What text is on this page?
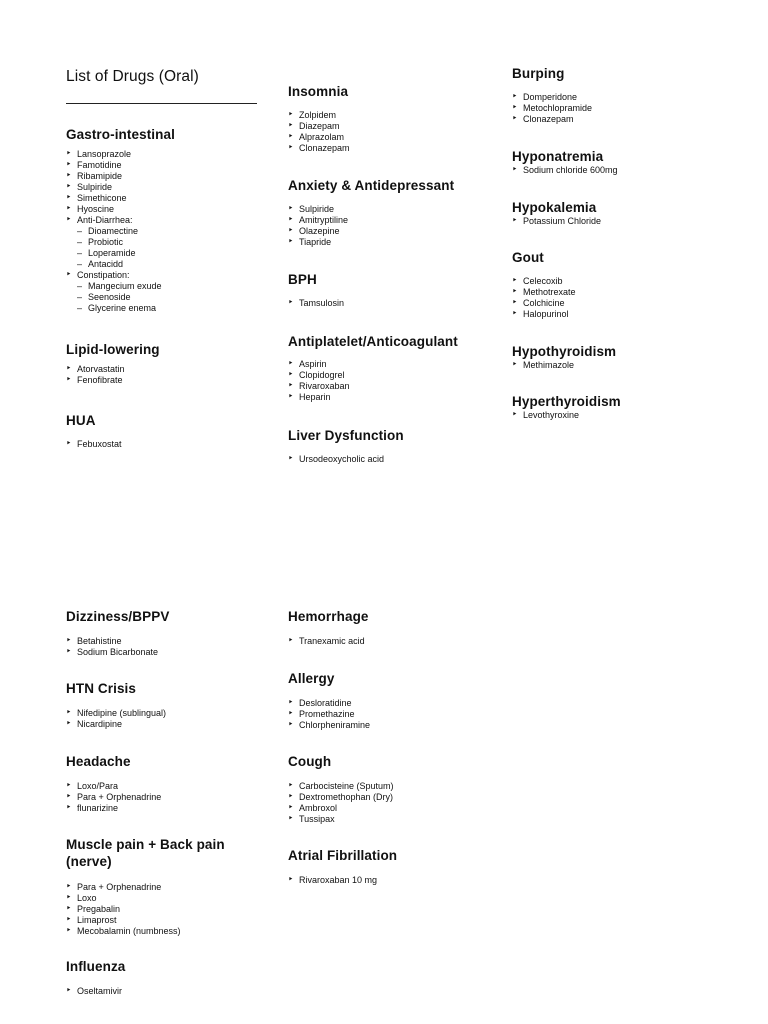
List of Drugs (Oral)
Gastro-intestinal
‣ Lansoprazole
‣ Famotidine
‣ Ribamipide
‣ Sulpiride
‣ Simethicone
‣ Hyoscine
‣ Anti-Diarrhea:
– Dioamectine
– Probiotic
– Loperamide
– Antacidd
‣ Constipation:
– Mangecium exude
– Seenoside
– Glycerine enema
Lipid-lowering
‣ Atorvastatin
‣ Fenofibrate
HUA
‣ Febuxostat
Insomnia
‣ Zolpidem
‣ Diazepam
‣ Alprazolam
‣ Clonazepam
Anxiety & Antidepressant
‣ Sulpiride
‣ Amitryptiline
‣ Olazepine
‣ Tiapride
BPH
‣ Tamsulosin
Antiplatelet/Anticoagulant
‣ Aspirin
‣ Clopidogrel
‣ Rivaroxaban
‣ Heparin
Liver Dysfunction
‣ Ursodeoxycholic acid
Burping
‣ Domperidone
‣ Metochlopramide
‣ Clonazepam
Hyponatremia
‣ Sodium chloride 600mg
Hypokalemia
‣ Potassium Chloride
Gout
‣ Celecoxib
‣ Methotrexate
‣ Colchicine
‣ Halopurinol
Hypothyroidism
‣ Methimazole
Hyperthyroidism
‣ Levothyroxine
Dizziness/BPPV
‣ Betahistine
‣ Sodium Bicarbonate
HTN Crisis
‣ Nifedipine (sublingual)
‣ Nicardipine
Headache
‣ Loxo/Para
‣ Para + Orphenadrine
‣ flunarizine
Muscle pain + Back pain
(nerve)
‣ Para + Orphenadrine
‣ Loxo
‣ Pregabalin
‣ Limaprost
‣ Mecobalamin (numbness)
Influenza
‣ Oseltamivir
Hemorrhage
‣ Tranexamic acid
Allergy
‣ Desloratidine
‣ Promethazine
‣ Chlorpheniramine
Cough
‣ Carbocisteine (Sputum)
‣ Dextromethophan (Dry)
‣ Ambroxol
‣ Tussipax
Atrial Fibrillation
‣ Rivaroxaban 10 mg
